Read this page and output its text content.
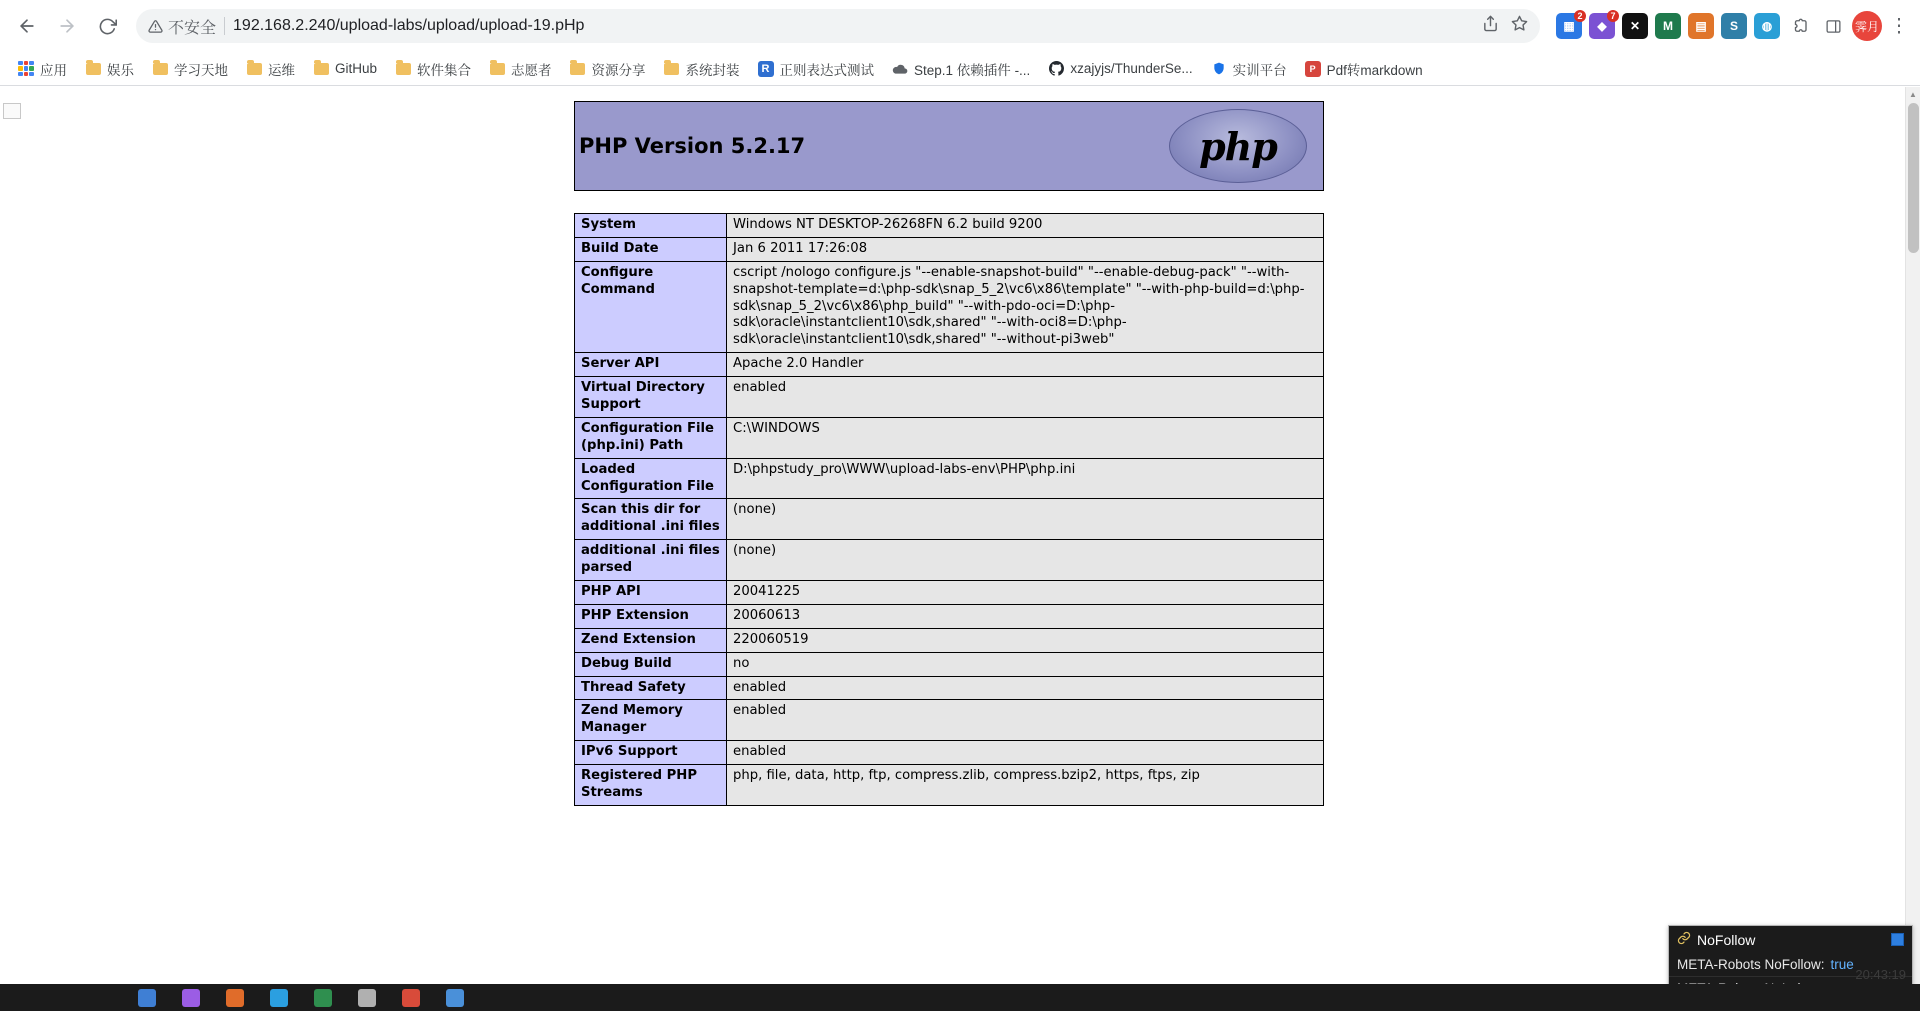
不安全 192.168.2.240/upload-labs/upload/upload-19.pHp	▦
2
◆
7
✕ M ▤ S ◍	霁月 ⋮
应用	娱乐	学习天地	运维	GitHub	软件集合	志愿者	资源分享	系统封装	R 正则表达式测试	Step.1 依赖插件 -...	xzajyjs/ThunderSe...	实训平台	P Pdf转markdown
PHP Version 5.2.17	php
System	Windows NT DESKTOP-26268FN 6.2 build 9200
Build Date	Jan 6 2011 17:26:08
Configure Command	cscript /nologo configure.js "--enable-snapshot-build" "--enable-debug-pack" "--with-snapshot-template=d:\php-sdk\snap_5_2\vc6\x86\template" "--with-php-build=d:\php-sdk\snap_5_2\vc6\x86\php_build" "--with-pdo-oci=D:\php-sdk\oracle\instantclient10\sdk,shared" "--with-oci8=D:\php-sdk\oracle\instantclient10\sdk,shared" "--without-pi3web"
Server API	Apache 2.0 Handler
Virtual Directory Support	enabled
Configuration File (php.ini) Path	C:\WINDOWS
Loaded Configuration File	D:\phpstudy_pro\WWW\upload-labs-env\PHP\php.ini
Scan this dir for additional .ini files	(none)
additional .ini files parsed	(none)
PHP API	20041225
PHP Extension	20060613
Zend Extension	220060519
Debug Build	no
Thread Safety	enabled
Zend Memory Manager	enabled
IPv6 Support	enabled
Registered PHP Streams	php, file, data, http, ftp, compress.zlib, compress.bzip2, https, ftps, zip
▲
NoFollow
META-Robots NoFollow: true
20:43:19
